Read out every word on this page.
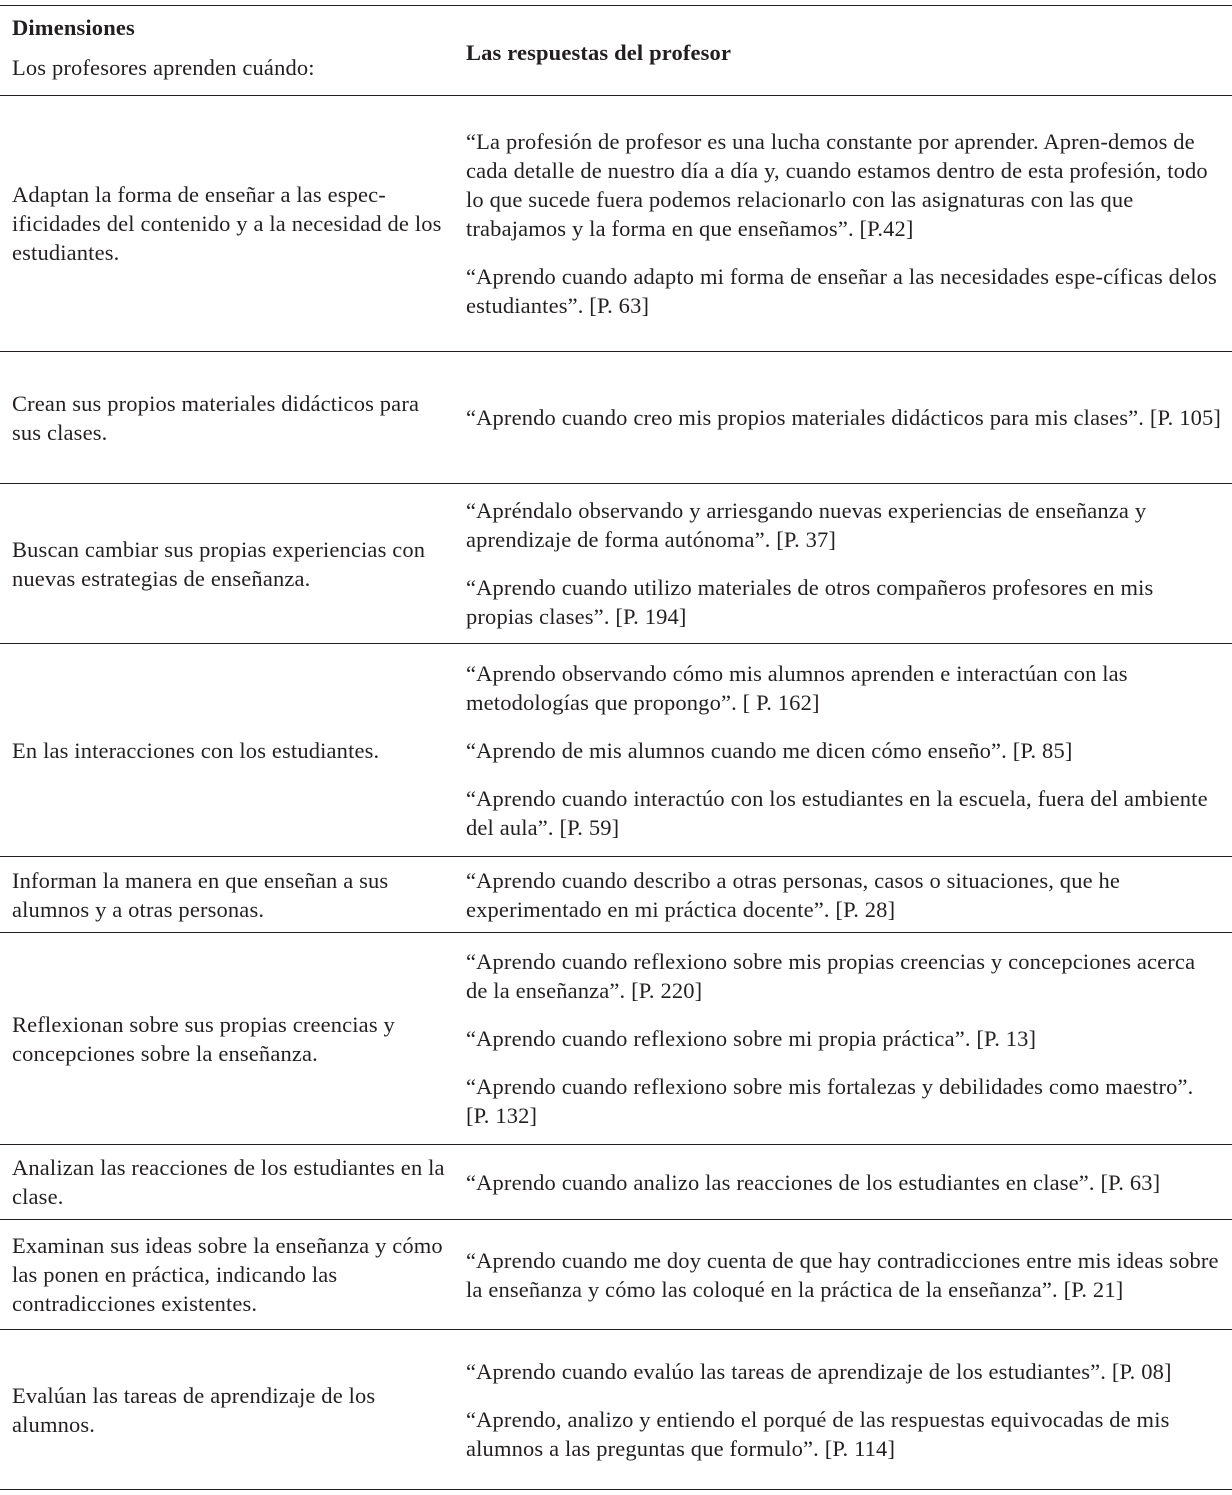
Dimensiones
Los profesores aprenden cuándo:
Las respuestas del profesor
Adaptan la forma de enseñar a las espec-ificidades del contenido y a la necesidad de los estudiantes.
“La profesión de profesor es una lucha constante por aprender. Apren-demos de cada detalle de nuestro día a día y, cuando estamos dentro de esta profesión, todo lo que sucede fuera podemos relacionarlo con las asignaturas con las que trabajamos y la forma en que enseñamos”. [P.42]
“Aprendo cuando adapto mi forma de enseñar a las necesidades espe-cíficas delos estudiantes”. [P. 63]
Crean sus propios materiales didácticos para sus clases.
“Aprendo cuando creo mis propios materiales didácticos para mis clases”. [P. 105]
Buscan cambiar sus propias experiencias con nuevas estrategias de enseñanza.
“Apréndalo observando y arriesgando nuevas experiencias de enseñanza y aprendizaje de forma autónoma”. [P. 37]
“Aprendo cuando utilizo materiales de otros compañeros profesores en mis propias clases”. [P. 194]
En las interacciones con los estudiantes.
“Aprendo observando cómo mis alumnos aprenden e interactúan con las metodologías que propongo”. [ P. 162]
“Aprendo de mis alumnos cuando me dicen cómo enseño”. [P. 85]
“Aprendo cuando interactúo con los estudiantes en la escuela, fuera del ambiente del aula”. [P. 59]
Informan la manera en que enseñan a sus alumnos y a otras personas.
“Aprendo cuando describo a otras personas, casos o situaciones, que he experimentado en mi práctica docente”. [P. 28]
Reflexionan sobre sus propias creencias y concepciones sobre la enseñanza.
“Aprendo cuando reflexiono sobre mis propias creencias y concepciones acerca de la enseñanza”. [P. 220]
“Aprendo cuando reflexiono sobre mi propia práctica”. [P. 13]
“Aprendo cuando reflexiono sobre mis fortalezas y debilidades como maestro”. [P. 132]
Analizan las reacciones de los estudiantes en la clase.
“Aprendo cuando analizo las reacciones de los estudiantes en clase”. [P. 63]
Examinan sus ideas sobre la enseñanza y cómo las ponen en práctica, indicando las contradicciones existentes.
“Aprendo cuando me doy cuenta de que hay contradicciones entre mis ideas sobre la enseñanza y cómo las coloqué en la práctica de la enseñanza”. [P. 21]
Evalúan las tareas de aprendizaje de los alumnos.
“Aprendo cuando evalúo las tareas de aprendizaje de los estudiantes”. [P. 08]
“Aprendo, analizo y entiendo el porqué de las respuestas equivocadas de mis alumnos a las preguntas que formulo”. [P. 114]
